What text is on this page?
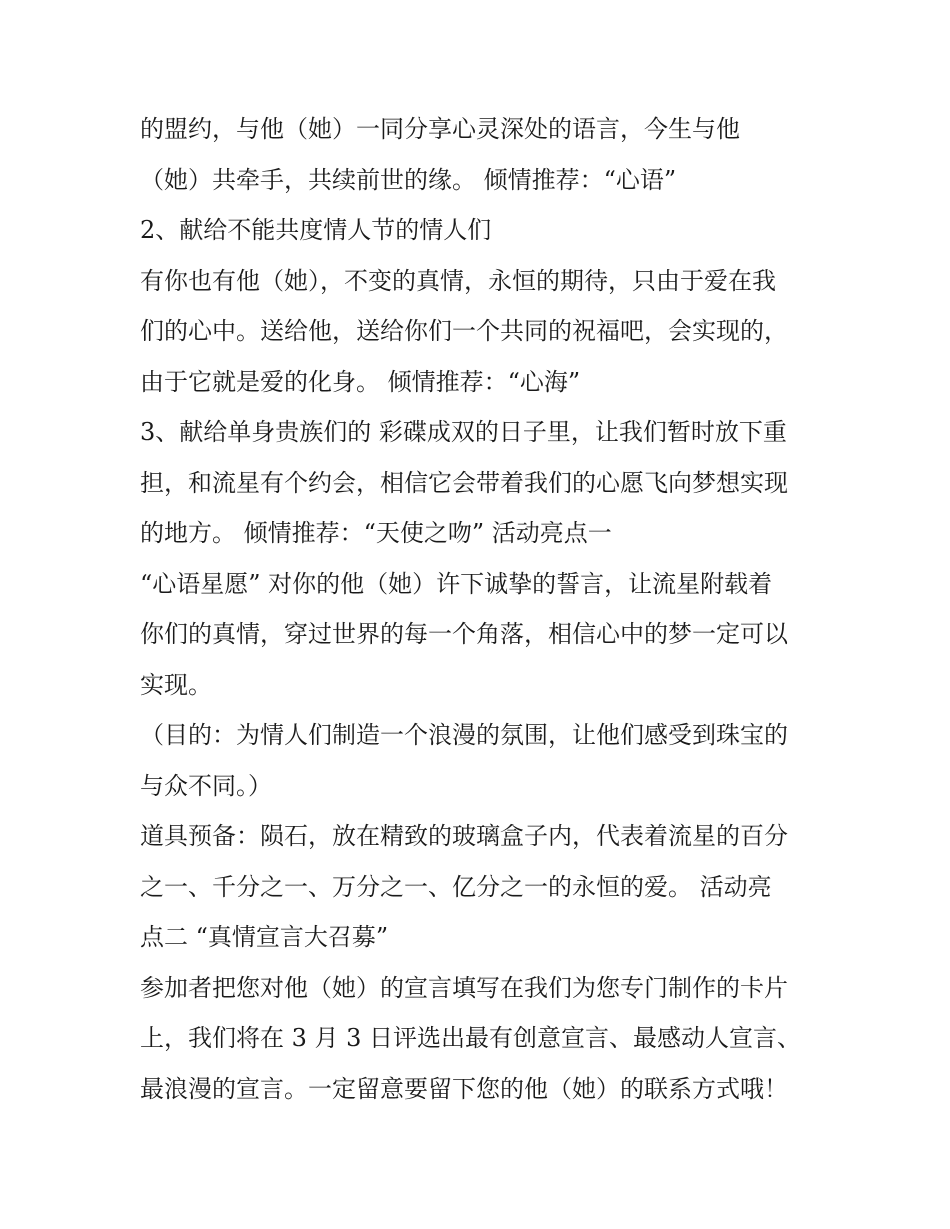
的盟约，与他（她）一同分享心灵深处的语言，今生与他
（她）共牵手，共续前世的缘。 倾情推荐：“心语”
2、献给不能共度情人节的情人们
有你也有他（她），不变的真情，永恒的期待，只由于爱在我
们的心中。送给他，送给你们一个共同的祝福吧，会实现的，
由于它就是爱的化身。 倾情推荐：“心海”
3、献给单身贵族们的 彩碟成双的日子里，让我们暂时放下重
担，和流星有个约会，相信它会带着我们的心愿飞向梦想实现
的地方。 倾情推荐：“天使之吻” 活动亮点一
“心语星愿” 对你的他（她）许下诚挚的誓言，让流星附载着
你们的真情，穿过世界的每一个角落，相信心中的梦一定可以
实现。
（目的：为情人们制造一个浪漫的氛围，让他们感受到珠宝的
与众不同。）
道具预备：陨石，放在精致的玻璃盒子内，代表着流星的百分
之一、千分之一、万分之一、亿分之一的永恒的爱。 活动亮
点二 “真情宣言大召募”
参加者把您对他（她）的宣言填写在我们为您专门制作的卡片
上，我们将在 3 月 3 日评选出最有创意宣言、最感动人宣言、
最浪漫的宣言。一定留意要留下您的他（她）的联系方式哦！
